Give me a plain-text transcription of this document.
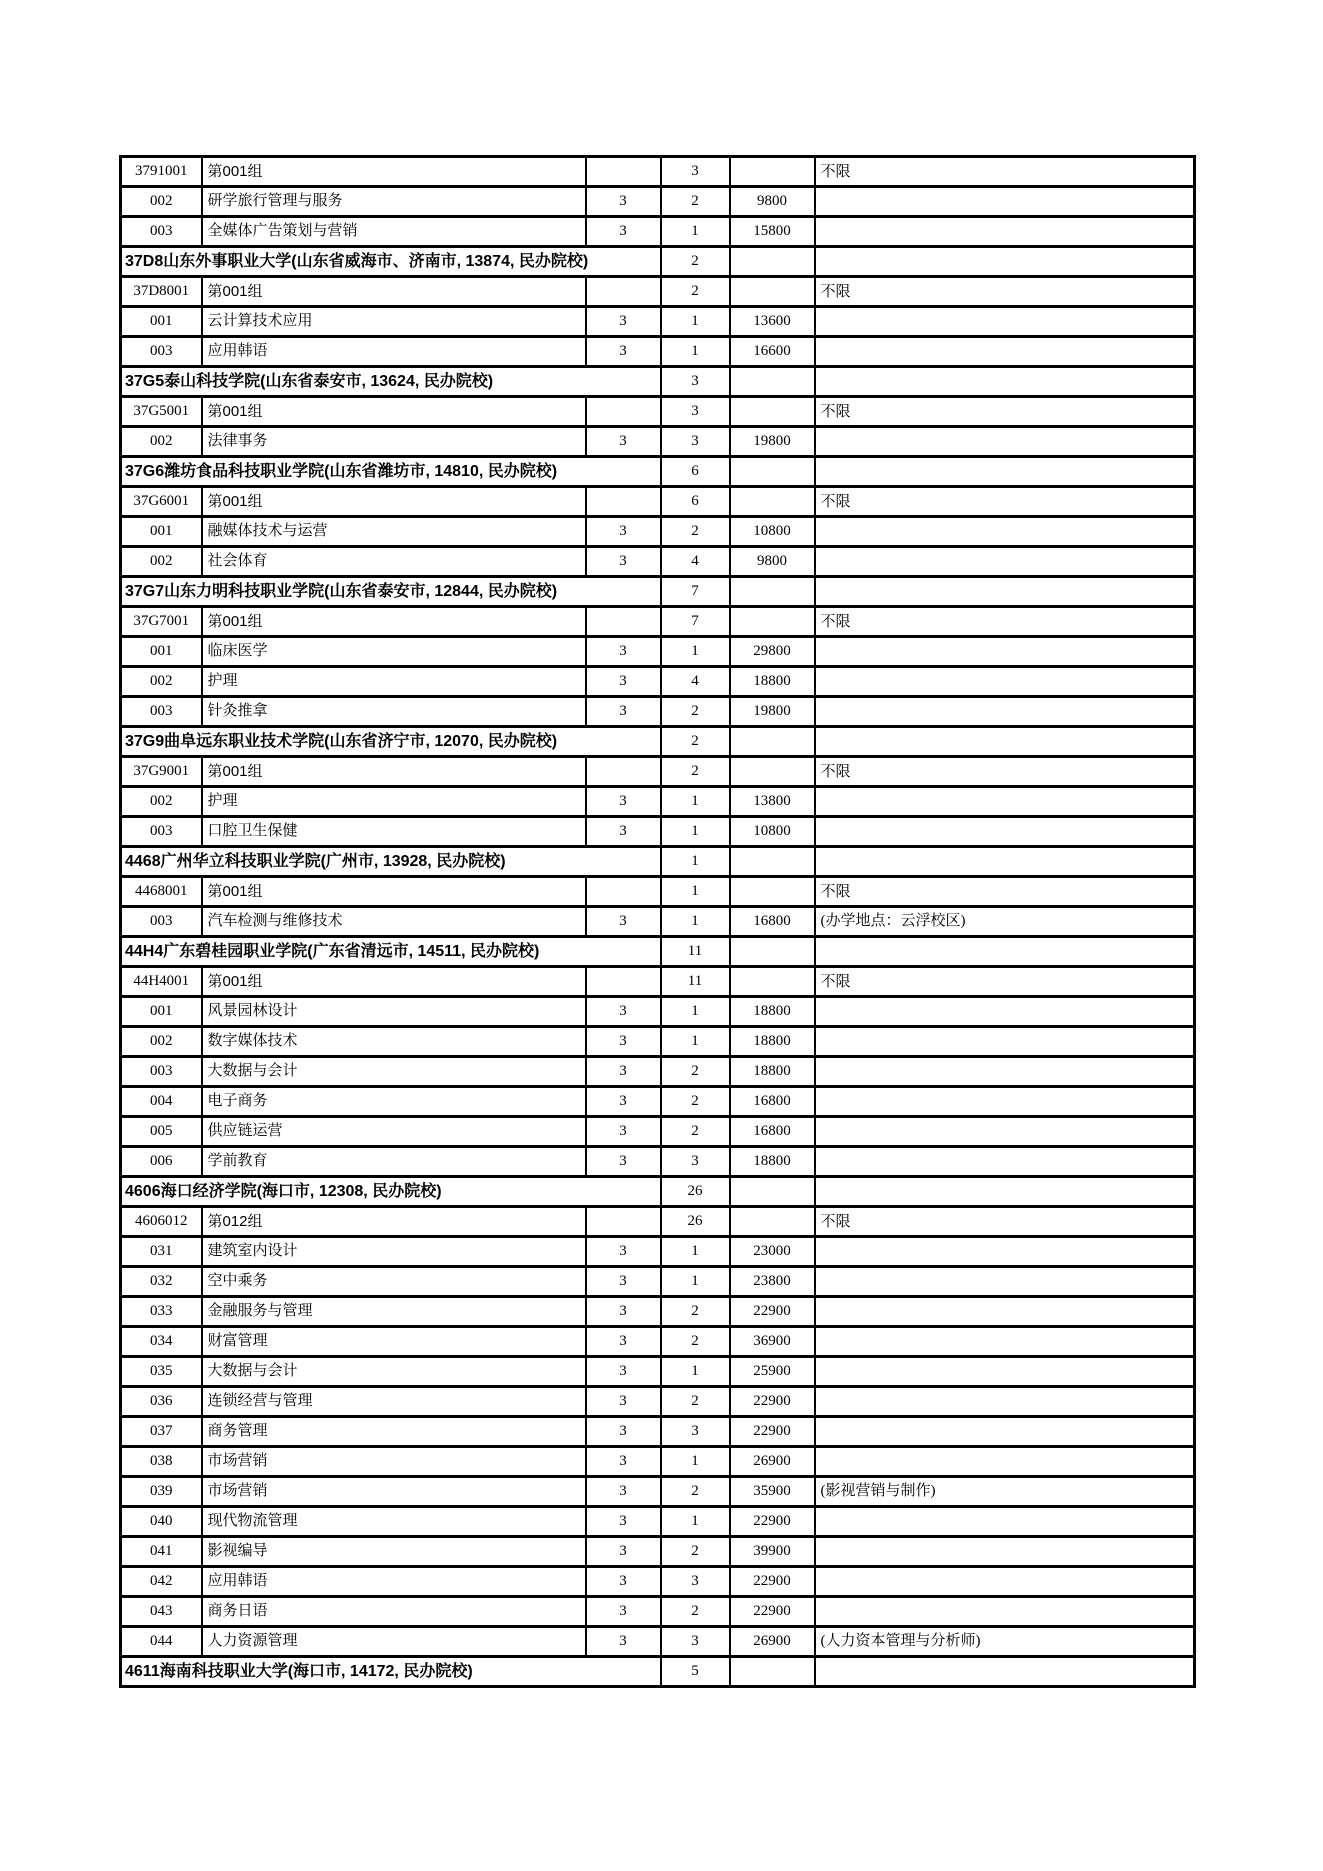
3791001	第001组		3		不限
002	研学旅行管理与服务	3	2	9800	
003	全媒体广告策划与营销	3	1	15800	
37D8山东外事职业大学(山东省威海市、济南市, 13874, 民办院校)			2		
37D8001	第001组		2		不限
001	云计算技术应用	3	1	13600	
003	应用韩语	3	1	16600	
37G5泰山科技学院(山东省泰安市, 13624, 民办院校)			3		
37G5001	第001组		3		不限
002	法律事务	3	3	19800	
37G6潍坊食品科技职业学院(山东省潍坊市, 14810, 民办院校)			6		
37G6001	第001组		6		不限
001	融媒体技术与运营	3	2	10800	
002	社会体育	3	4	9800	
37G7山东力明科技职业学院(山东省泰安市, 12844, 民办院校)			7		
37G7001	第001组		7		不限
001	临床医学	3	1	29800	
002	护理	3	4	18800	
003	针灸推拿	3	2	19800	
37G9曲阜远东职业技术学院(山东省济宁市, 12070, 民办院校)			2		
37G9001	第001组		2		不限
002	护理	3	1	13800	
003	口腔卫生保健	3	1	10800	
4468广州华立科技职业学院(广州市, 13928, 民办院校)			1		
4468001	第001组		1		不限
003	汽车检测与维修技术	3	1	16800	(办学地点：云浮校区)
44H4广东碧桂园职业学院(广东省清远市, 14511, 民办院校)			11		
44H4001	第001组		11		不限
001	风景园林设计	3	1	18800	
002	数字媒体技术	3	1	18800	
003	大数据与会计	3	2	18800	
004	电子商务	3	2	16800	
005	供应链运营	3	2	16800	
006	学前教育	3	3	18800	
4606海口经济学院(海口市, 12308, 民办院校)			26		
4606012	第012组		26		不限
031	建筑室内设计	3	1	23000	
032	空中乘务	3	1	23800	
033	金融服务与管理	3	2	22900	
034	财富管理	3	2	36900	
035	大数据与会计	3	1	25900	
036	连锁经营与管理	3	2	22900	
037	商务管理	3	3	22900	
038	市场营销	3	1	26900	
039	市场营销	3	2	35900	(影视营销与制作)
040	现代物流管理	3	1	22900	
041	影视编导	3	2	39900	
042	应用韩语	3	3	22900	
043	商务日语	3	2	22900	
044	人力资源管理	3	3	26900	(人力资本管理与分析师)
4611海南科技职业大学(海口市, 14172, 民办院校)			5		
